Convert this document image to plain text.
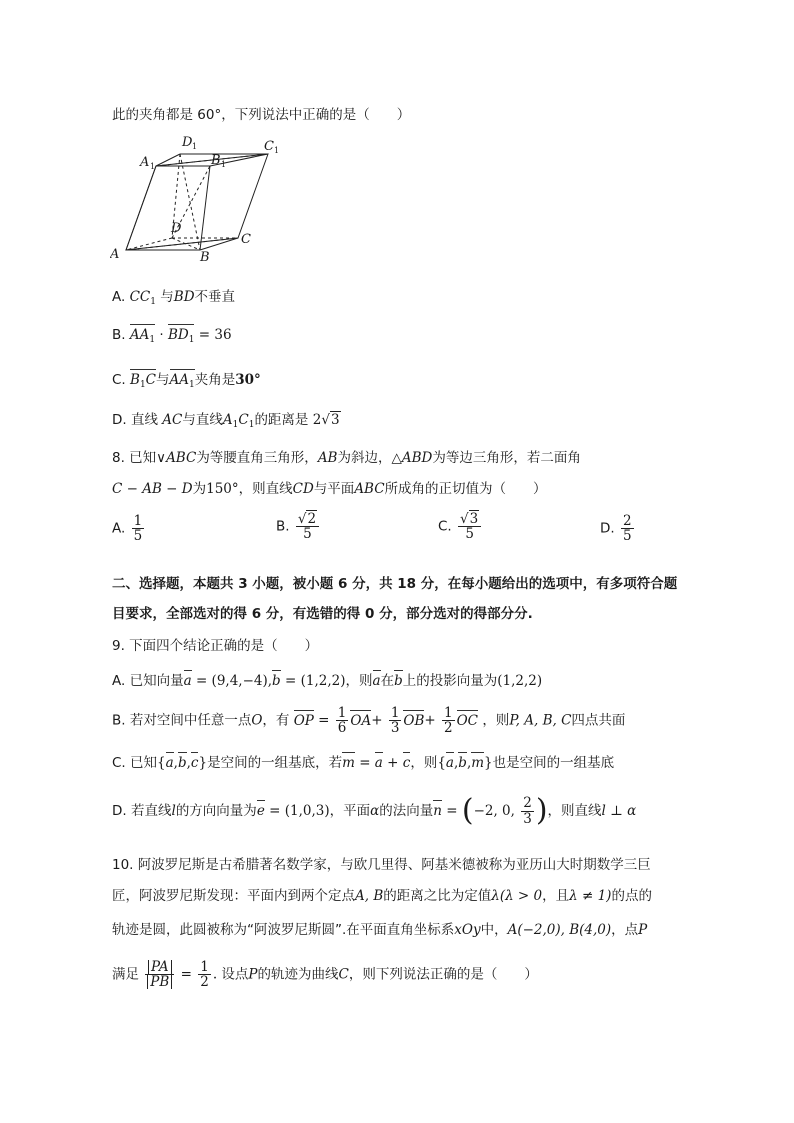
此的夹角都是 60°，下列说法中正确的是（　　）
A	B
C
D
A 1	B 1
C 1
D 1
A. $CC_1$ 与BD不垂直
B. $AA_1 \cdot BD_1 = 36$
C. $B_1C$与$AA_1$夹角是30°
D. 直线 AC与直线$A_1C_1$的距离是 2√3
8. 已知∨ABC为等腰直角三角形，AB为斜边，△ABD为等边三角形，若二面角
C − AB − D为150°，则直线CD与平面ABC所成角的正切值为（　　）
A. $\frac{1}{5}$	B. $\frac{√2}{5}$	C. $\frac{√3}{5}$	D. $\frac{2}{5}$
二、选择题，本题共 3 小题，被小题 6 分，共 18 分，在每小题给出的选项中，有多项符合题
目要求，全部选对的得 6 分，有选错的得 0 分，部分选对的得部分分.
9. 下面四个结论正确的是（　　）
A. 已知向量a = (9,4,−4),b = (1,2,2)，则a在b上的投影向量为(1,2,2)
B. 若对空间中任意一点O，有 OP = $\frac{1}{6} OA+ \frac{1}{3} OB+ \frac{1}{2}$ OC ，则P, A, B, C四点共面
C. 已知{a,b,c}是空间的一组基底，若m = a + c，则{a,b,m}也是空间的一组基底
D. 若直线l的方向向量为e = (1,0,3)，平面α的法向量n = (−2, 0, $\frac{2}{3}$ )，则直线l ⊥ α
10. 阿波罗尼斯是古希腊著名数学家，与欧几里得、阿基米德被称为亚历山大时期数学三巨
匠，阿波罗尼斯发现：平面内到两个定点A, B的距离之比为定值λ(λ > 0，且λ ≠ 1)的点的
轨迹是圆，此圆被称为“阿波罗尼斯圆”.在平面直角坐标系xOy中，A(−2,0), B(4,0)，点P
满足 $\frac{PA}{PB} = \frac{1}{2}$ . 设点P的轨迹为曲线C，则下列说法正确的是（　　）
